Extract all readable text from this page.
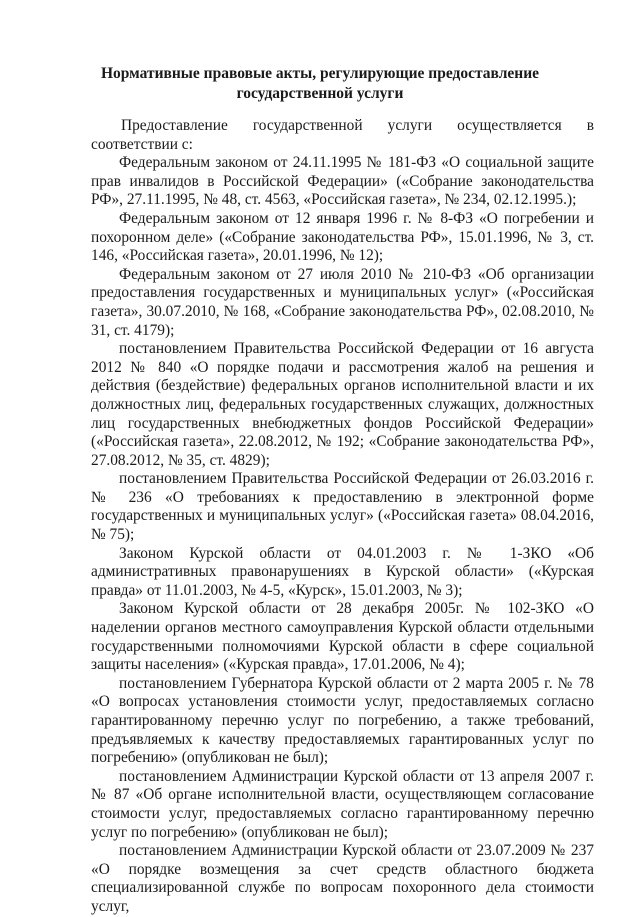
Нормативные правовые акты, регулирующие предоставление
государственной услуги

Предоставление государственной услуги осуществляется в соответствии с:

Федеральным законом от 24.11.1995 № 181-ФЗ «О социальной защите прав инвалидов в Российской Федерации» («Собрание законодательства РФ», 27.11.1995, № 48, ст. 4563, «Российская газета», № 234, 02.12.1995.);

Федеральным законом от 12 января 1996 г. № 8-ФЗ «О погребении и похоронном деле» («Собрание законодательства РФ», 15.01.1996, № 3, ст. 146, «Российская газета», 20.01.1996, № 12);

Федеральным законом от 27 июля 2010 № 210-ФЗ «Об организации предоставления государственных и муниципальных услуг» («Российская газета», 30.07.2010, № 168, «Собрание законодательства РФ», 02.08.2010, № 31, ст. 4179);

постановлением Правительства Российской Федерации от 16 августа 2012 № 840 «О порядке подачи и рассмотрения жалоб на решения и действия (бездействие) федеральных органов исполнительной власти и их должностных лиц, федеральных государственных служащих, должностных лиц государственных внебюджетных фондов Российской Федерации» («Российская газета», 22.08.2012, № 192; «Собрание законодательства РФ», 27.08.2012, № 35, ст. 4829);

постановлением Правительства Российской Федерации от 26.03.2016 г. № 236 «О требованиях к предоставлению в электронной форме государственных и муниципальных услуг» («Российская газета» 08.04.2016, № 75);

Законом Курской области от 04.01.2003 г. № 1-ЗКО «Об административных правонарушениях в Курской области» («Курская правда» от 11.01.2003, № 4-5, «Курск», 15.01.2003, № 3);

Законом Курской области от 28 декабря 2005г. № 102-ЗКО «О наделении органов местного самоуправления Курской области отдельными государственными полномочиями Курской области в сфере социальной защиты населения» («Курская правда», 17.01.2006, № 4);

постановлением Губернатора Курской области от 2 марта 2005 г. № 78 «О вопросах установления стоимости услуг, предоставляемых согласно гарантированному перечню услуг по погребению, а также требований, предъявляемых к качеству предоставляемых гарантированных услуг по погребению» (опубликован не был);

постановлением Администрации Курской области от 13 апреля 2007 г. № 87 «Об органе исполнительной власти, осуществляющем согласование стоимости услуг, предоставляемых согласно гарантированному перечню услуг по погребению» (опубликован не был);

постановлением Администрации Курской области от 23.07.2009 № 237 «О порядке возмещения за счет средств областного бюджета специализированной службе по вопросам похоронного дела стоимости услуг,
